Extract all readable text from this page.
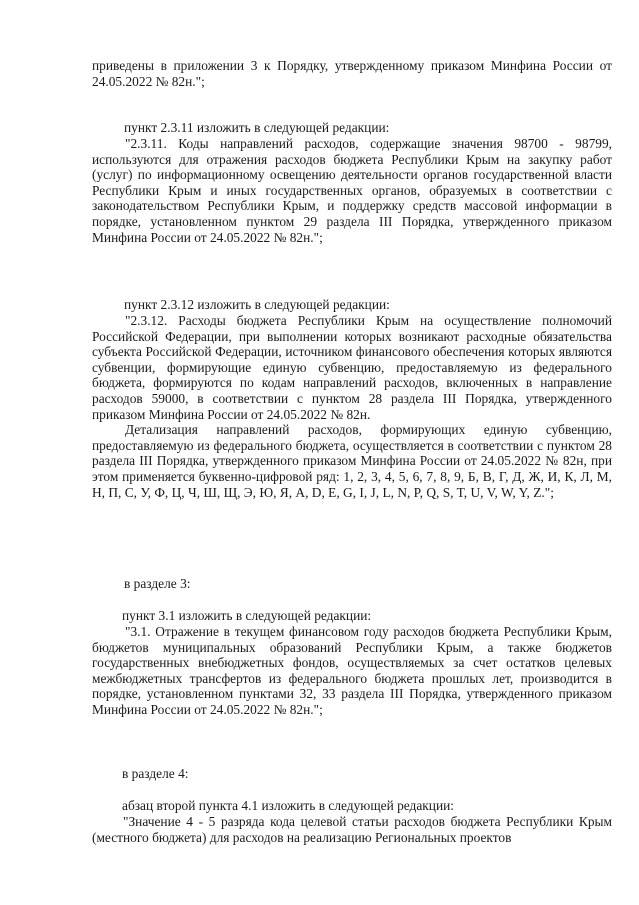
приведены в приложении 3 к Порядку, утвержденному приказом Минфина России от 24.05.2022 № 82н.";

пункт 2.3.11 изложить в следующей редакции:

"2.3.11. Коды направлений расходов, содержащие значения 98700 - 98799, используются для отражения расходов бюджета Республики Крым на закупку работ (услуг) по информационному освещению деятельности органов государственной власти Республики Крым и иных государственных органов, образуемых в соответствии с законодательством Республики Крым, и поддержку средств массовой информации в порядке, установленном пунктом 29 раздела III Порядка, утвержденного приказом Минфина России от 24.05.2022 № 82н.";

пункт 2.3.12 изложить в следующей редакции:

"2.3.12. Расходы бюджета Республики Крым на осуществление полномочий Российской Федерации, при выполнении которых возникают расходные обязательства субъекта Российской Федерации, источником финансового обеспечения которых являются субвенции, формирующие единую субвенцию, предоставляемую из федерального бюджета, формируются по кодам направлений расходов, включенных в направление расходов 59000, в соответствии с пунктом 28 раздела III Порядка, утвержденного приказом Минфина России от 24.05.2022 № 82н.

Детализация направлений расходов, формирующих единую субвенцию, предоставляемую из федерального бюджета, осуществляется в соответствии с пунктом 28 раздела III Порядка, утвержденного приказом Минфина России от 24.05.2022 № 82н, при этом применяется буквенно-цифровой ряд: 1, 2, 3, 4, 5, 6, 7, 8, 9, Б, В, Г, Д, Ж, И, К, Л, М, Н, П, С, У, Ф, Ц, Ч, Ш, Щ, Э, Ю, Я, A, D, E, G, I, J, L, N, P, Q, S, T, U, V, W, Y, Z.";

в разделе 3:
пункт 3.1 изложить в следующей редакции:

"3.1. Отражение в текущем финансовом году расходов бюджета Республики Крым, бюджетов муниципальных образований Республики Крым, а также бюджетов государственных внебюджетных фондов, осуществляемых за счет остатков целевых межбюджетных трансфертов из федерального бюджета прошлых лет, производится в порядке, установленном пунктами 32, 33 раздела III Порядка, утвержденного приказом Минфина России от 24.05.2022 № 82н.";

в разделе 4:
абзац второй пункта 4.1 изложить в следующей редакции:

"Значение 4 - 5 разряда кода целевой статьи расходов бюджета Республики Крым (местного бюджета) для расходов на реализацию Региональных проектов
